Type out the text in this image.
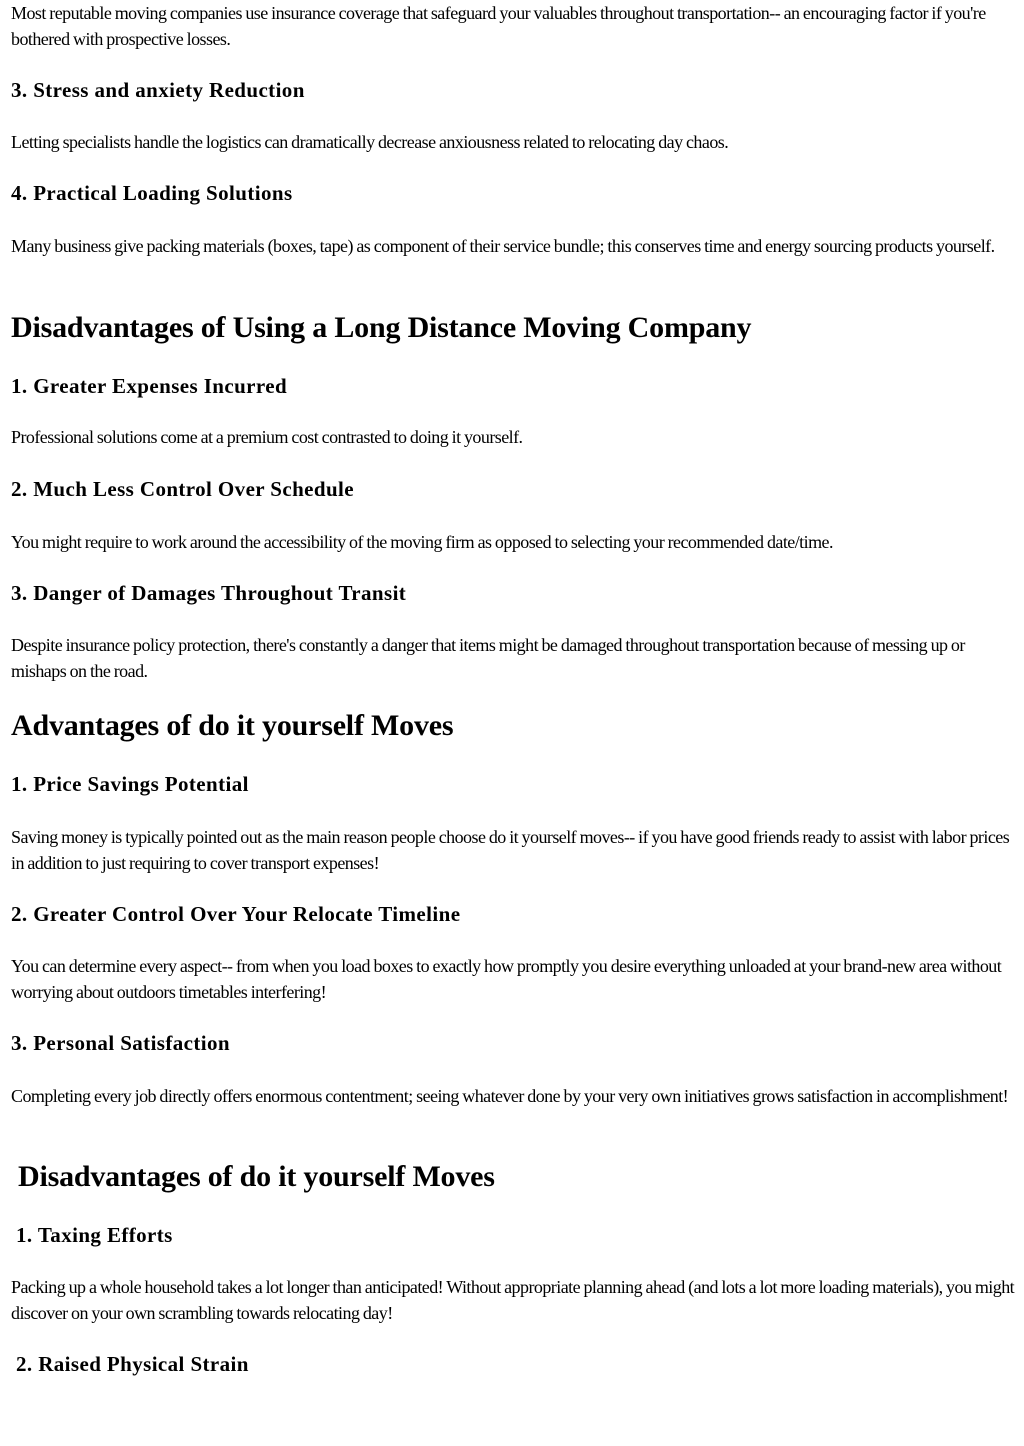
Most reputable moving companies use insurance coverage that safeguard your valuables throughout transportation-- an encouraging factor if you're bothered with prospective losses.

3. Stress and anxiety Reduction

Letting specialists handle the logistics can dramatically decrease anxiousness related to relocating day chaos.

4. Practical Loading Solutions

Many business give packing materials (boxes, tape) as component of their service bundle; this conserves time and energy sourcing products yourself.

Disadvantages of Using a Long Distance Moving Company
1. Greater Expenses Incurred

Professional solutions come at a premium cost contrasted to doing it yourself.

2. Much Less Control Over Schedule

You might require to work around the accessibility of the moving firm as opposed to selecting your recommended date/time.

3. Danger of Damages Throughout Transit

Despite insurance policy protection, there's constantly a danger that items might be damaged throughout transportation because of messing up or mishaps on the road.

Advantages of do it yourself Moves
1. Price Savings Potential

Saving money is typically pointed out as the main reason people choose do it yourself moves-- if you have good friends ready to assist with labor prices in addition to just requiring to cover transport expenses!

2. Greater Control Over Your Relocate Timeline

You can determine every aspect-- from when you load boxes to exactly how promptly you desire everything unloaded at your brand-new area without worrying about outdoors timetables interfering!

3. Personal Satisfaction

Completing every job directly offers enormous contentment; seeing whatever done by your very own initiatives grows satisfaction in accomplishment!

Disadvantages of do it yourself Moves
1. Taxing Efforts

Packing up a whole household takes a lot longer than anticipated! Without appropriate planning ahead (and lots a lot more loading materials), you might discover on your own scrambling towards relocating day!

2. Raised Physical Strain
